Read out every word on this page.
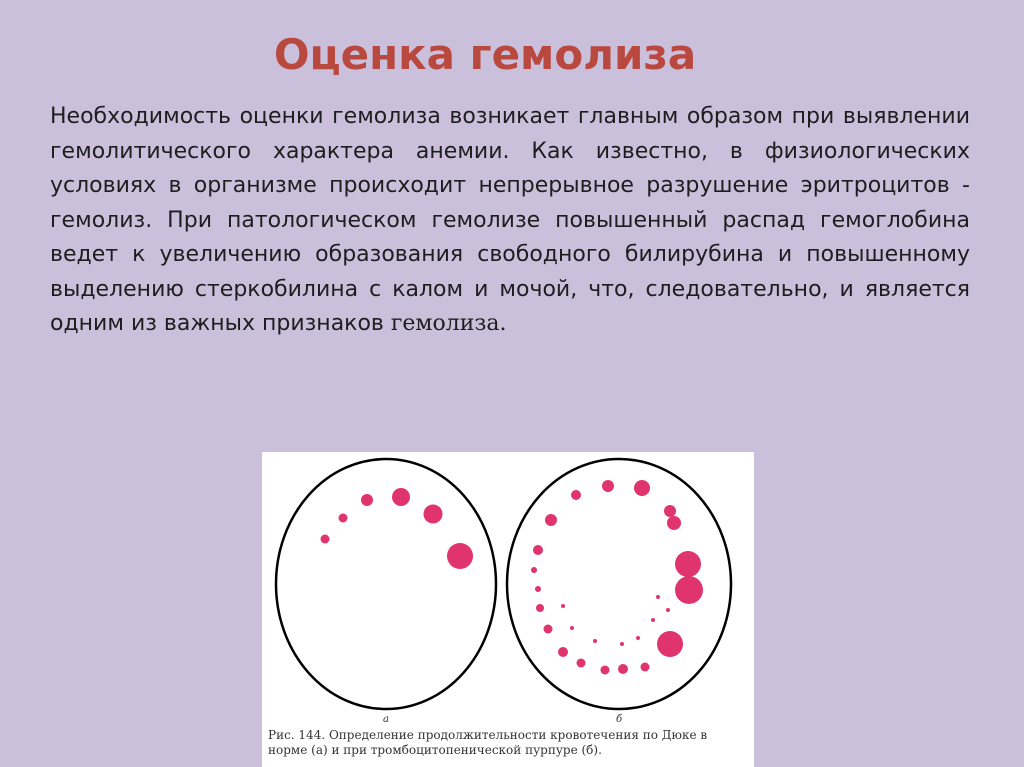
Оценка гемолиза

Необходимость оценки гемолиза возникает главным образом при выявлении гемолитического характера анемии. Как известно, в физиологических условиях в организме происходит непрерывное разрушение эритроцитов - гемолиз. При патологическом гемолизе повышенный распад гемоглобина ведет к увеличению образования свободного билирубина и повышенному выделению стеркобилина с калом и мочой, что, следовательно, и является одним из важных признаков гемолиза.

а	б

Рис. 144. Определение продолжительности кровотечения по Дюке в норме (а) и при тромбоцитопенической пурпуре (б).
